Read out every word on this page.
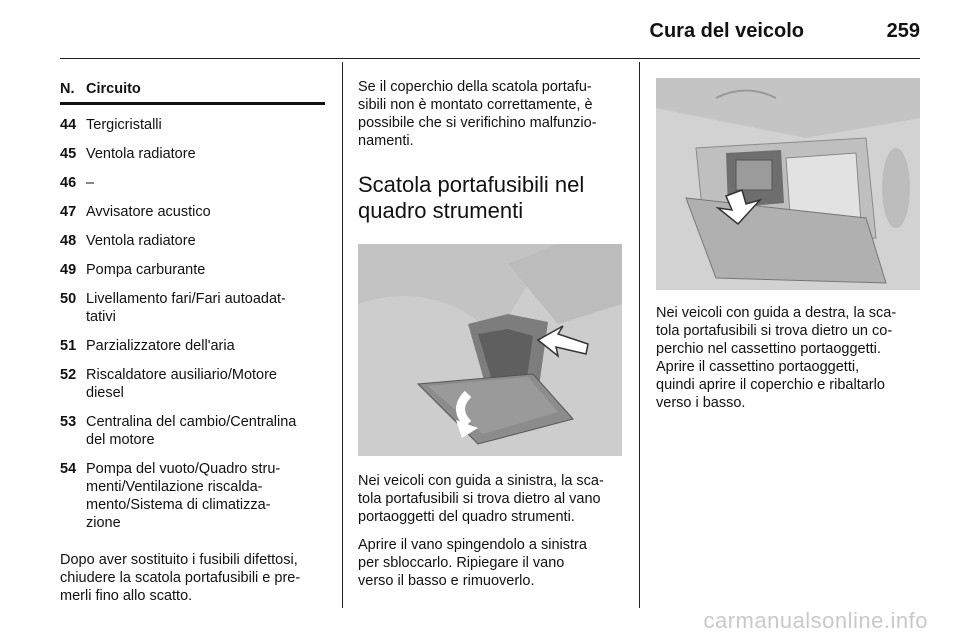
Cura del veicolo	259
N. Circuito
44 Tergicristalli
45 Ventola radiatore
46 –
47 Avvisatore acustico
48 Ventola radiatore
49 Pompa carburante
50 Livellamento fari/Fari autoadat-
tativi
51 Parzializzatore dell'aria
52 Riscaldatore ausiliario/Motore
diesel
53 Centralina del cambio/Centralina
del motore
54 Pompa del vuoto/Quadro stru-
menti/Ventilazione riscalda-
mento/Sistema di climatizza-
zione
Dopo aver sostituito i fusibili difettosi,
chiudere la scatola portafusibili e pre-
merli fino allo scatto.
Se il coperchio della scatola portafu-
sibili non è montato correttamente, è
possibile che si verifichino malfunzio-
namenti.
Scatola portafusibili nel
quadro strumenti
Nei veicoli con guida a sinistra, la sca-
tola portafusibili si trova dietro al vano
portaoggetti del quadro strumenti.
Aprire il vano spingendolo a sinistra
per sbloccarlo. Ripiegare il vano
verso il basso e rimuoverlo.
Nei veicoli con guida a destra, la sca-
tola portafusibili si trova dietro un co-
perchio nel cassettino portaoggetti.
Aprire il cassettino portaoggetti,
quindi aprire il coperchio e ribaltarlo
verso i basso.
carmanualsonline.info
